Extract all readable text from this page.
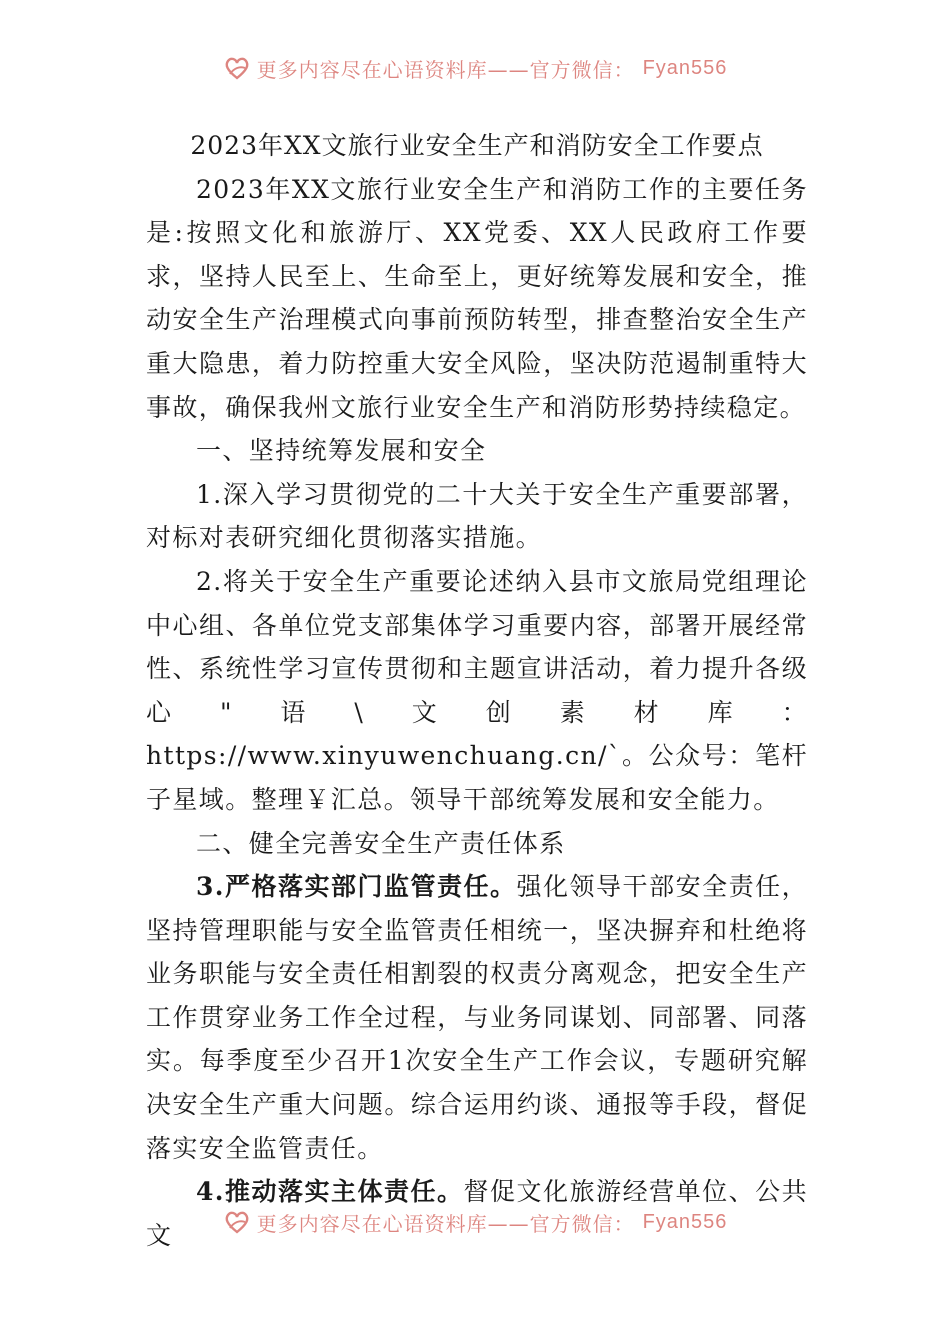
更多内容尽在心语资料库——官方微信： Fyan556
2023年XX文旅行业安全生产和消防安全工作要点

2023年XX文旅行业安全生产和消防工作的主要任务是:按照文化和旅游厅、XX党委、XX人民政府工作要求，坚持人民至上、生命至上，更好统筹发展和安全，推动安全生产治理模式向事前预防转型，排查整治安全生产重大隐患，着力防控重大安全风险，坚决防范遏制重特大事故，确保我州文旅行业安全生产和消防形势持续稳定。

一、坚持统筹发展和安全

1.深入学习贯彻党的二十大关于安全生产重要部署，对标对表研究细化贯彻落实措施。

2.将关于安全生产重要论述纳入县市文旅局党组理论中心组、各单位党支部集体学习重要内容，部署开展经常性、系统性学习宣传贯彻和主题宣讲活动，着力提升各级心"语\文创素材库：https://www.xinyuwenchuang.cn/`。公众号：笔杆子星域。整理￥汇总。领导干部统筹发展和安全能力。

二、健全完善安全生产责任体系

3.严格落实部门监管责任。强化领导干部安全责任，坚持管理职能与安全监管责任相统一，坚决摒弃和杜绝将业务职能与安全责任相割裂的权责分离观念，把安全生产工作贯穿业务工作全过程，与业务同谋划、同部署、同落实。每季度至少召开1次安全生产工作会议，专题研究解决安全生产重大问题。综合运用约谈、通报等手段，督促落实安全监管责任。

4.推动落实主体责任。督促文化旅游经营单位、公共文	更多内容尽在心语资料库——官方微信： Fyan556
